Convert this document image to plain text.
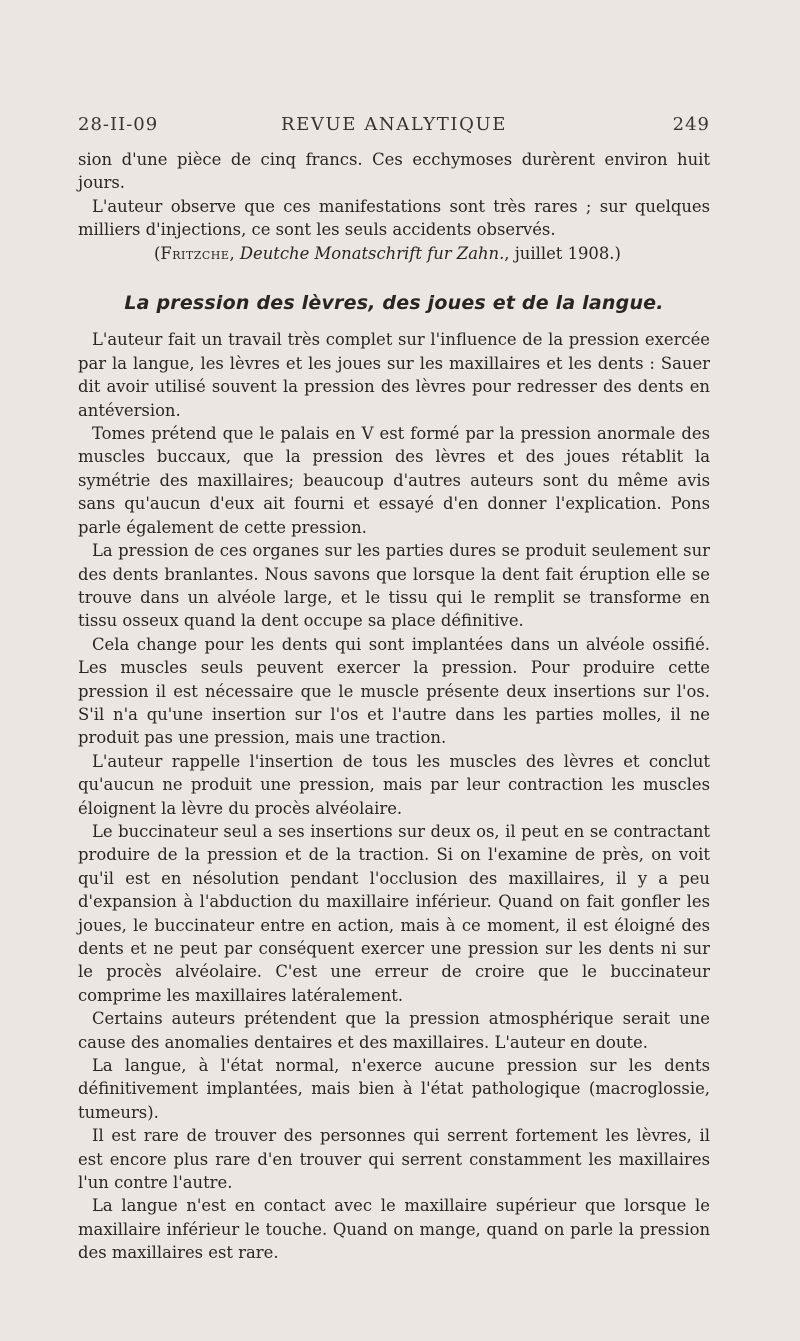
28-II-09	REVUE ANALYTIQUE	249

sion d'une pièce de cinq francs. Ces ecchymoses durèrent environ huit jours.

L'auteur observe que ces manifestations sont très rares ; sur quelques milliers d'injections, ce sont les seuls accidents observés.

(Fritzche, Deutche Monatschrift fur Zahn., juillet 1908.)

La pression des lèvres, des joues et de la langue.

L'auteur fait un travail très complet sur l'influence de la pression exercée par la langue, les lèvres et les joues sur les maxillaires et les dents : Sauer dit avoir utilisé souvent la pression des lèvres pour redresser des dents en antéversion.

Tomes prétend que le palais en V est formé par la pression anormale des muscles buccaux, que la pression des lèvres et des joues rétablit la symétrie des maxillaires; beaucoup d'autres auteurs sont du même avis sans qu'aucun d'eux ait fourni et essayé d'en donner l'explication. Pons parle également de cette pression.

La pression de ces organes sur les parties dures se produit seulement sur des dents branlantes. Nous savons que lorsque la dent fait éruption elle se trouve dans un alvéole large, et le tissu qui le remplit se transforme en tissu osseux quand la dent occupe sa place définitive.

Cela change pour les dents qui sont implantées dans un alvéole ossifié. Les muscles seuls peuvent exercer la pression. Pour produire cette pression il est nécessaire que le muscle présente deux insertions sur l'os. S'il n'a qu'une insertion sur l'os et l'autre dans les parties molles, il ne produit pas une pression, mais une traction.

L'auteur rappelle l'insertion de tous les muscles des lèvres et conclut qu'aucun ne produit une pression, mais par leur contraction les muscles éloignent la lèvre du procès alvéolaire.

Le buccinateur seul a ses insertions sur deux os, il peut en se contractant produire de la pression et de la traction. Si on l'examine de près, on voit qu'il est en nésolution pendant l'occlusion des maxillaires, il y a peu d'expansion à l'abduction du maxillaire inférieur. Quand on fait gonfler les joues, le buccinateur entre en action, mais à ce moment, il est éloigné des dents et ne peut par conséquent exercer une pression sur les dents ni sur le procès alvéolaire. C'est une erreur de croire que le buccinateur comprime les maxillaires latéralement.

Certains auteurs prétendent que la pression atmosphérique serait une cause des anomalies dentaires et des maxillaires. L'auteur en doute.

La langue, à l'état normal, n'exerce aucune pression sur les dents définitivement implantées, mais bien à l'état pathologique (macroglossie, tumeurs).

Il est rare de trouver des personnes qui serrent fortement les lèvres, il est encore plus rare d'en trouver qui serrent constamment les maxillaires l'un contre l'autre.

La langue n'est en contact avec le maxillaire supérieur que lorsque le maxillaire inférieur le touche. Quand on mange, quand on parle la pression des maxillaires est rare.
